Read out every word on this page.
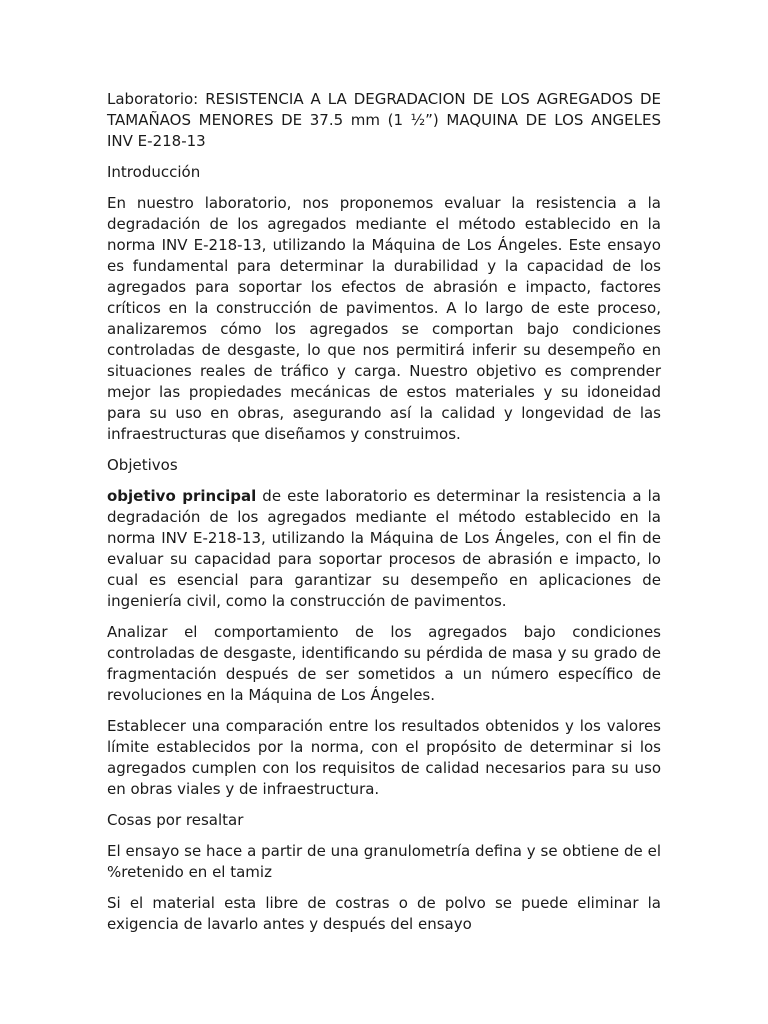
Laboratorio: RESISTENCIA A LA DEGRADACION DE LOS AGREGADOS DE TAMAÑAOS MENORES DE 37.5 mm (1 ½”) MAQUINA DE LOS ANGELES INV E-218-13

Introducción

En nuestro laboratorio, nos proponemos evaluar la resistencia a la degradación de los agregados mediante el método establecido en la norma INV E-218-13, utilizando la Máquina de Los Ángeles. Este ensayo es fundamental para determinar la durabilidad y la capacidad de los agregados para soportar los efectos de abrasión e impacto, factores críticos en la construcción de pavimentos. A lo largo de este proceso, analizaremos cómo los agregados se comportan bajo condiciones controladas de desgaste, lo que nos permitirá inferir su desempeño en situaciones reales de tráfico y carga. Nuestro objetivo es comprender mejor las propiedades mecánicas de estos materiales y su idoneidad para su uso en obras, asegurando así la calidad y longevidad de las infraestructuras que diseñamos y construimos.

Objetivos

objetivo principal de este laboratorio es determinar la resistencia a la degradación de los agregados mediante el método establecido en la norma INV E-218-13, utilizando la Máquina de Los Ángeles, con el fin de evaluar su capacidad para soportar procesos de abrasión e impacto, lo cual es esencial para garantizar su desempeño en aplicaciones de ingeniería civil, como la construcción de pavimentos.

Analizar el comportamiento de los agregados bajo condiciones controladas de desgaste, identificando su pérdida de masa y su grado de fragmentación después de ser sometidos a un número específico de revoluciones en la Máquina de Los Ángeles.

Establecer una comparación entre los resultados obtenidos y los valores límite establecidos por la norma, con el propósito de determinar si los agregados cumplen con los requisitos de calidad necesarios para su uso en obras viales y de infraestructura.

Cosas por resaltar

El ensayo se hace a partir de una granulometría defina y se obtiene de el %retenido en el tamiz

Si el material esta libre de costras o de polvo se puede eliminar la exigencia de lavarlo antes y después del ensayo
